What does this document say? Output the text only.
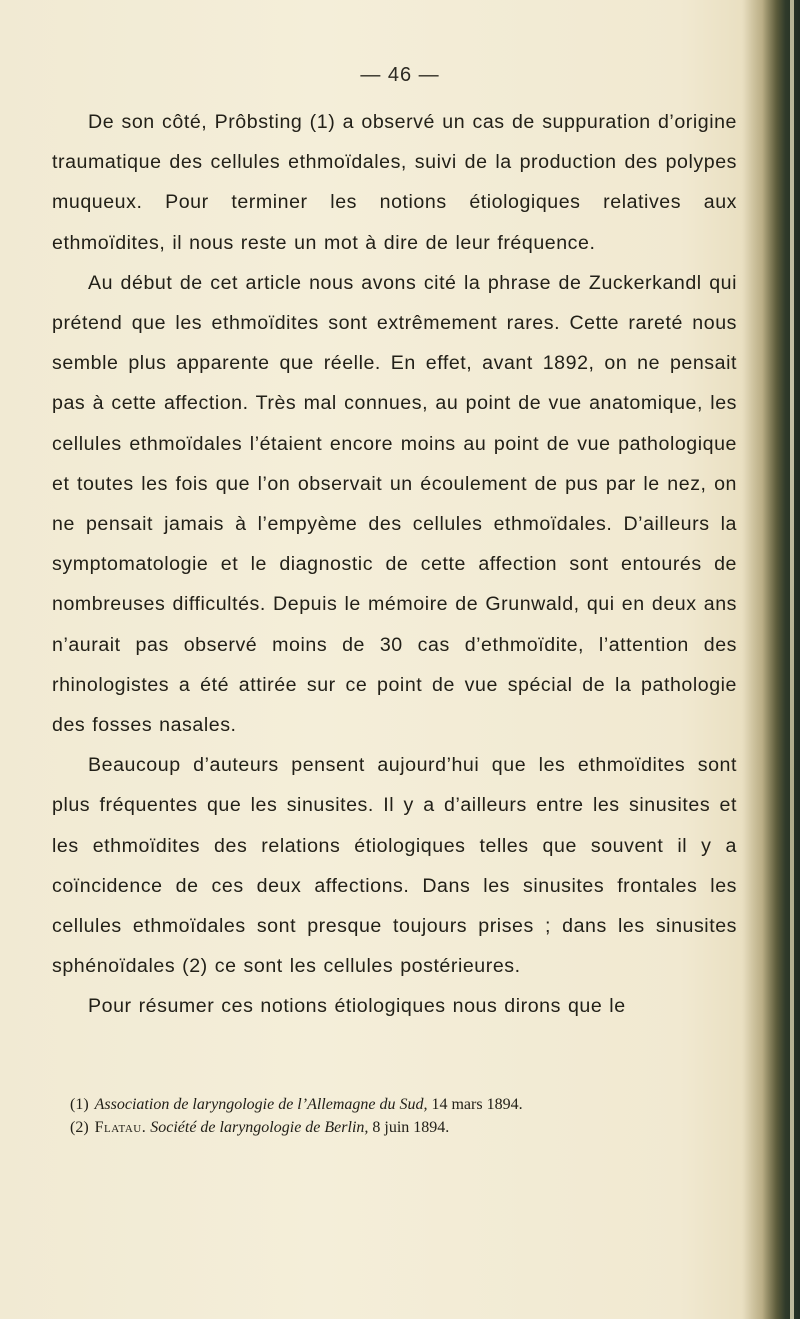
— 46 —

De son côté, Prôbsting (1) a observé un cas de suppuration d’origine traumatique des cellules ethmoïdales, suivi de la production des polypes muqueux. Pour terminer les notions étiologiques relatives aux ethmoïdites, il nous reste un mot à dire de leur fréquence.

Au début de cet article nous avons cité la phrase de Zuckerkandl qui prétend que les ethmoïdites sont extrêmement rares. Cette rareté nous semble plus apparente que réelle. En effet, avant 1892, on ne pensait pas à cette affection. Très mal connues, au point de vue anatomique, les cellules ethmoïdales l’étaient encore moins au point de vue pathologique et toutes les fois que l’on observait un écoulement de pus par le nez, on ne pensait jamais à l’empyème des cellules ethmoïdales. D’ailleurs la symptomatologie et le diagnostic de cette affection sont entourés de nombreuses difficultés. Depuis le mémoire de Grunwald, qui en deux ans n’aurait pas observé moins de 30 cas d’ethmoïdite, l’attention des rhinologistes a été attirée sur ce point de vue spécial de la pathologie des fosses nasales.

Beaucoup d’auteurs pensent aujourd’hui que les ethmoïdites sont plus fréquentes que les sinusites. Il y a d’ailleurs entre les sinusites et les ethmoïdites des relations étiologiques telles que souvent il y a coïncidence de ces deux affections. Dans les sinusites frontales les cellules ethmoïdales sont presque toujours prises ; dans les sinusites sphénoïdales (2) ce sont les cellules postérieures.

Pour résumer ces notions étiologiques nous dirons que le

(1) Association de laryngologie de l’Allemagne du Sud, 14 mars 1894.

(2) Flatau. Société de laryngologie de Berlin, 8 juin 1894.
